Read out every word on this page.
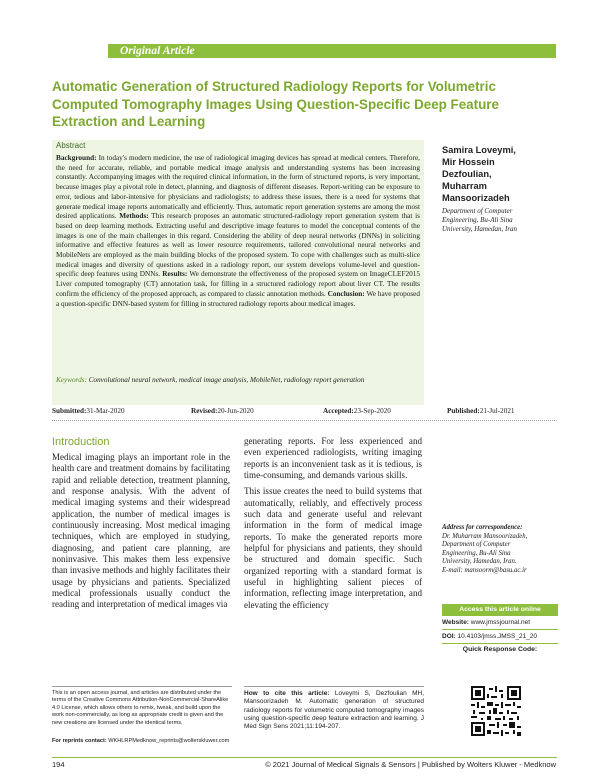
Original Article
Automatic Generation of Structured Radiology Reports for Volumetric Computed Tomography Images Using Question-Specific Deep Feature Extraction and Learning
Abstract

Background: In today's modern medicine, the use of radiological imaging devices has spread at medical centers. Therefore, the need for accurate, reliable, and portable medical image analysis and understanding systems has been increasing constantly. Accompanying images with the required clinical information, in the form of structured reports, is very important, because images play a pivotal role in detect, planning, and diagnosis of different diseases. Report-writing can be exposure to error, tedious and labor-intensive for physicians and radiologists; to address these issues, there is a need for systems that generate medical image reports automatically and efficiently. Thus, automatic report generation systems are among the most desired applications. Methods: This research proposes an automatic structured-radiology report generation system that is based on deep learning methods. Extracting useful and descriptive image features to model the conceptual contents of the images is one of the main challenges in this regard. Considering the ability of deep neural networks (DNNs) in soliciting informative and effective features as well as lower resource requirements, tailored convolutional neural networks and MobileNets are employed as the main building blocks of the proposed system. To cope with challenges such as multi-slice medical images and diversity of questions asked in a radiology report, our system develops volume-level and question-specific deep features using DNNs. Results: We demonstrate the effectiveness of the proposed system on ImageCLEF2015 Liver computed tomography (CT) annotation task, for filling in a structured radiology report about liver CT. The results confirm the efficiency of the proposed approach, as compared to classic annotation methods. Conclusion: We have proposed a question-specific DNN-based system for filling in structured radiology reports about medical images.

Keywords: Convolutional neural network, medical image analysis, MobileNet, radiology report generation
Samira Loveymi,
Mir Hossein
Dezfoulian,
Muharram
Mansoorizadeh
Department of Computer
Engineering, Bu-Ali Sina
University, Hamedan, Iran
Submitted: 31-Mar-2020	Revised: 20-Jun-2020	Accepted: 23-Sep-2020	Published: 21-Jul-2021
Introduction

Medical imaging plays an important role in the health care and treatment domains by facilitating rapid and reliable detection, treatment planning, and response analysis. With the advent of medical imaging systems and their widespread application, the number of medical images is continuously increasing. Most medical imaging techniques, which are employed in studying, diagnosing, and patient care planning, are noninvasive. This makes them less expensive than invasive methods and highly facilitates their usage by physicians and patients. Specialized medical professionals usually conduct the reading and interpretation of medical images via

generating reports. For less experienced and even experienced radiologists, writing imaging reports is an inconvenient task as it is tedious, is time-consuming, and demands various skills.

This issue creates the need to build systems that automatically, reliably, and effectively process such data and generate useful and relevant information in the form of medical image reports. To make the generated reports more helpful for physicians and patients, they should be structured and domain specific. Such organized reporting with a standard format is useful in highlighting salient pieces of information, reflecting image interpretation, and elevating the efficiency

Address for correspondence:
Dr. Muharram Mansoorizadeh,
Department of Computer
Engineering, Bu-Ali Sina
University, Hamedan, Iran.
E-mail: mansoorm@basu.ac.ir
Access this article online
Website: www.jmssjournal.net
DOI: 10.4103/jmss.JMSS_21_20
Quick Response Code:
How to cite this article: Loveymi S, Dezfoulian MH, Mansoorizadeh M. Automatic generation of structured radiology reports for volumetric computed tomography images using question-specific deep feature extraction and learning. J Med Sign Sens 2021;11:194-207.
This is an open access journal, and articles are distributed under the terms of the Creative Commons Attribution-NonCommercial-ShareAlike 4.0 License, which allows others to remix, tweak, and build upon the work non-commercially, as long as appropriate credit is given and the new creations are licensed under the identical terms.
For reprints contact: WKHLRPMedknow_reprints@wolterskluwer.com
194	© 2021 Journal of Medical Signals & Sensors | Published by Wolters Kluwer - Medknow
